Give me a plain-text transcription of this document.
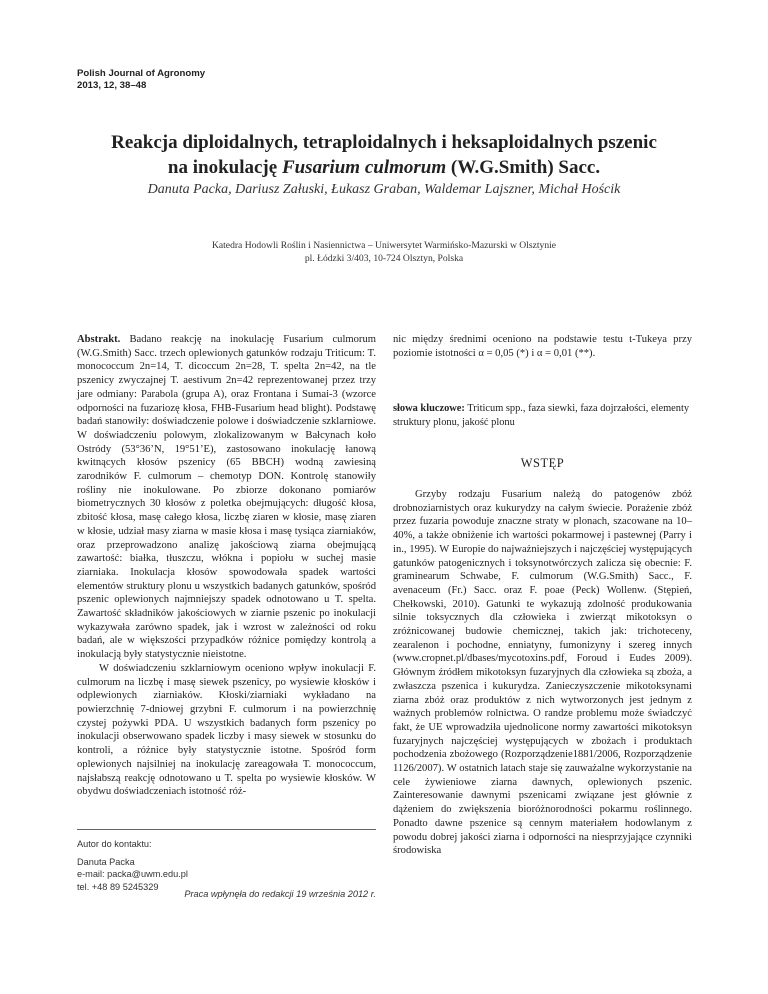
Polish Journal of Agronomy
2013, 12, 38–48
Reakcja diploidalnych, tetraploidalnych i heksaploidalnych pszenic
na inokulację Fusarium culmorum (W.G.Smith) Sacc.
Danuta Packa, Dariusz Załuski, Łukasz Graban, Waldemar Lajszner, Michał Hościk
Katedra Hodowli Roślin i Nasiennictwa – Uniwersytet Warmińsko-Mazurski w Olsztynie
pl. Łódzki 3/403, 10-724 Olsztyn, Polska

Abstrakt. Badano reakcję na inokulację Fusarium culmorum (W.G.Smith) Sacc. trzech oplewionych gatunków rodzaju Triticum: T. monococcum 2n=14, T. dicoccum 2n=28, T. spelta 2n=42, na tle pszenicy zwyczajnej T. aestivum 2n=42 reprezentowanej przez trzy jare odmiany: Parabola (grupa A), oraz Frontana i Sumai-3 (wzorce odporności na fuzariozę kłosa, FHB-Fusarium head blight). Podstawę badań stanowiły: doświadczenie polowe i doświadczenie szklarniowe. W doświadczeniu polowym, zlokalizowanym w Bałcynach koło Ostródy (53°36’N, 19°51’E), zastosowano inokulację łanową kwitnących kłosów pszenicy (65 BBCH) wodną zawiesiną zarodników F. culmorum – chemotyp DON. Kontrolę stanowiły rośliny nie inokulowane. Po zbiorze dokonano pomiarów biometrycznych 30 kłosów z poletka obejmujących: długość kłosa, zbitość kłosa, masę całego kłosa, liczbę ziaren w kłosie, masę ziaren w kłosie, udział masy ziarna w masie kłosa i masę tysiąca ziarniaków, oraz przeprowadzono analizę jakościową ziarna obejmującą zawartość: białka, tłuszczu, włókna i popiołu w suchej masie ziarniaka. Inokulacja kłosów spowodowała spadek wartości elementów struktury plonu u wszystkich badanych gatunków, spośród pszenic oplewionych najmniejszy spadek odnotowano u T. spelta. Zawartość składników jakościowych w ziarnie pszenic po inokulacji wykazywała zarówno spadek, jak i wzrost w zależności od roku badań, ale w większości przypadków różnice pomiędzy kontrolą a inokulacją były statystycznie nieistotne.

W doświadczeniu szklarniowym oceniono wpływ inokulacji F. culmorum na liczbę i masę siewek pszenicy, po wysiewie kłosków i odplewionych ziarniaków. Kłoski/ziarniaki wykładano na powierzchnię 7-dniowej grzybni F. culmorum i na powierzchnię czystej pożywki PDA. U wszystkich badanych form pszenicy po inokulacji obserwowano spadek liczby i masy siewek w stosunku do kontroli, a różnice były statystycznie istotne. Spośród form oplewionych najsilniej na inokulację zareagowała T. monococcum, najsłabszą reakcję odnotowano u T. spelta po wysiewie kłosków. W obydwu doświadczeniach istotność róż-

Autor do kontaktu:
Danuta Packa
e-mail: packa@uwm.edu.pl
tel. +48 89 5245329
Praca wpłynęła do redakcji 19 września 2012 r.

nic między średnimi oceniono na podstawie testu t-Tukeya przy poziomie istotności α = 0,05 (*) i α = 0,01 (**).

słowa kluczowe: Triticum spp., faza siewki, faza dojrzałości, elementy struktury plonu, jakość plonu
WSTĘP

Grzyby rodzaju Fusarium należą do patogenów zbóż drobnoziarnistych oraz kukurydzy na całym świecie. Porażenie zbóż przez fuzaria powoduje znaczne straty w plonach, szacowane na 10–40%, a także obniżenie ich wartości pokarmowej i pastewnej (Parry i in., 1995). W Europie do najważniejszych i najczęściej występujących gatunków patogenicznych i toksynotwórczych zalicza się obecnie: F. graminearum Schwabe, F. culmorum (W.G.Smith) Sacc., F. avenaceum (Fr.) Sacc. oraz F. poae (Peck) Wollenw. (Stępień, Chełkowski, 2010). Gatunki te wykazują zdolność produkowania silnie toksycznych dla człowieka i zwierząt mikotoksyn o zróżnicowanej budowie chemicznej, takich jak: trichoteceny, zearalenon i pochodne, enniatyny, fumonizyny i szereg innych (www.cropnet.pl/dbases/mycotoxins.pdf, Foroud i Eudes 2009). Głównym źródłem mikotoksyn fuzaryjnych dla człowieka są zboża, a zwłaszcza pszenica i kukurydza. Zanieczyszczenie mikotoksynami ziarna zbóż oraz produktów z nich wytworzonych jest jednym z ważnych problemów rolnictwa. O randze problemu może świadczyć fakt, że UE wprowadziła ujednolicone normy zawartości mikotoksyn fuzaryjnych najczęściej występujących w zbożach i produktach pochodzenia zbożowego (Rozporządzenie1881/2006, Rozporządzenie 1126/2007). W ostatnich latach staje się zauważalne wykorzystanie na cele żywieniowe ziarna dawnych, oplewionych pszenic. Zainteresowanie dawnymi pszenicami związane jest głównie z dążeniem do zwiększenia bioróżnorodności pokarmu roślinnego. Ponadto dawne pszenice są cennym materiałem hodowlanym z powodu dobrej jakości ziarna i odporności na niesprzyjające czynniki środowiska
